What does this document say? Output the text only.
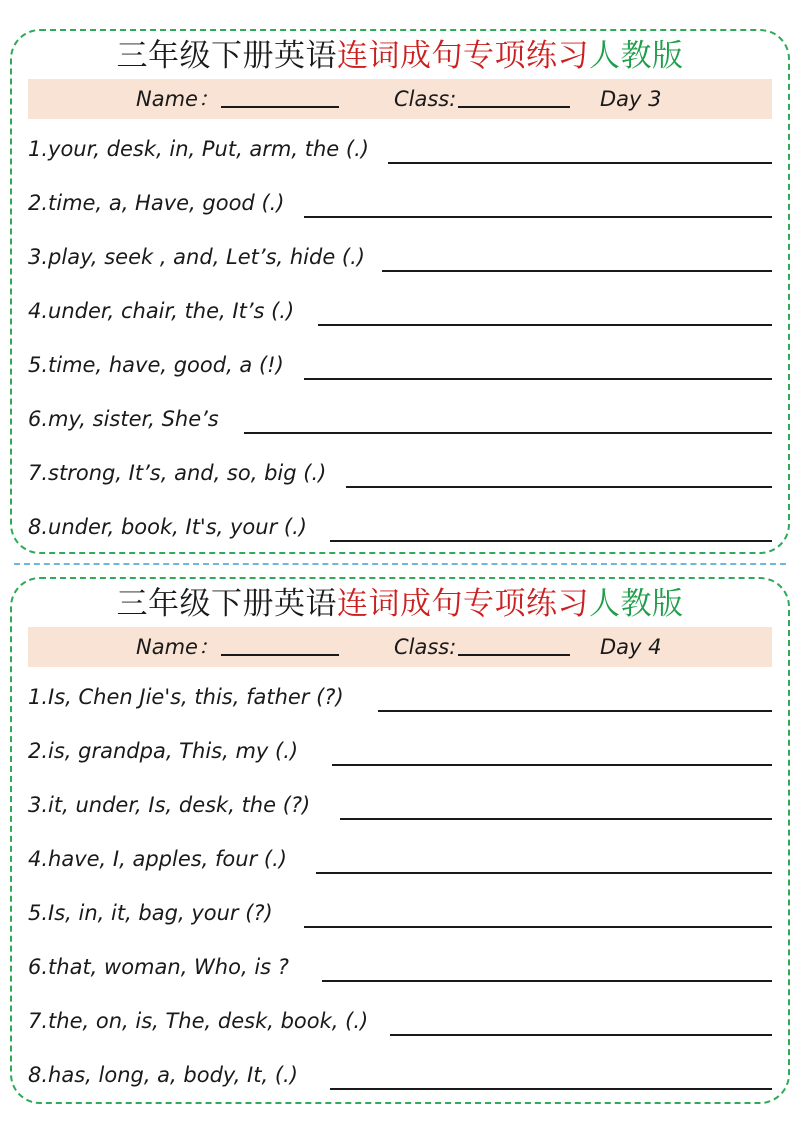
三年级下册英语连词成句专项练习人教版
Name：	Class:	Day 3
1.your, desk, in, Put, arm, the (.)
2.time, a, Have, good (.)
3.play, seek , and, Let’s, hide (.)
4.under, chair, the, It’s (.)
5.time, have, good, a (!)
6.my, sister, She’s
7.strong, It’s, and, so, big (.)
8.under, book, It's, your (.)
三年级下册英语连词成句专项练习人教版
Name：	Class:	Day 4
1.Is, Chen Jie's, this, father (?)
2.is, grandpa, This, my (.)
3.it, under, Is, desk, the (?)
4.have, I, apples, four (.)
5.Is, in, it, bag, your (?)
6.that, woman, Who, is ?
7.the, on, is, The, desk, book, (.)
8.has, long, a, body, It, (.)
